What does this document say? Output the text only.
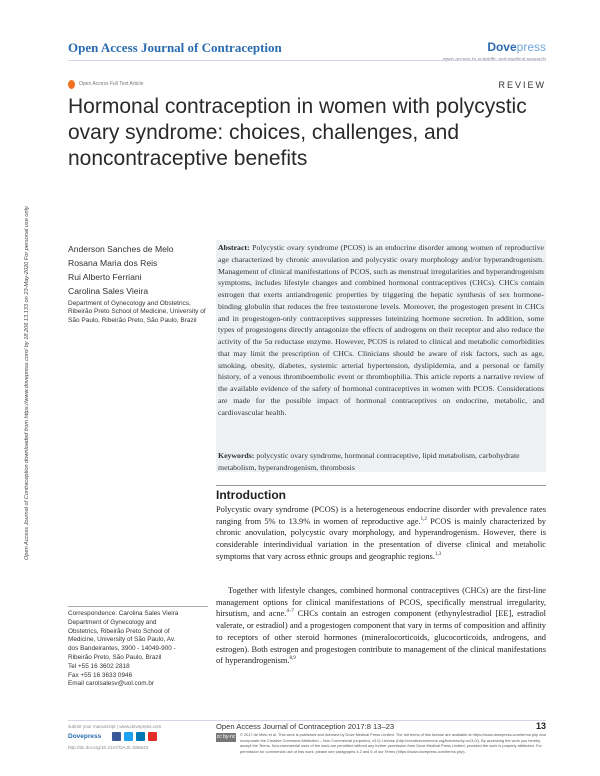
Open Access Journal of Contraception	Dovepress
open access to scientific and medical research
Open Access Full Text Article	REVIEW
Hormonal contraception in women with polycystic ovary syndrome: choices, challenges, and noncontraceptive benefits
Open Access Journal of Contraception downloaded from https://www.dovepress.com/ by 18.206.13.133 on 23-May-2020 For personal use only.	Anderson Sanches de Melo
Rosana Maria dos Reis
Rui Alberto Ferriani
Carolina Sales Vieira
Department of Gynecology and Obstetrics, Ribeirão Preto School of Medicine, University of São Paulo, Ribeirão Preto, São Paulo, Brazil
Abstract: Polycystic ovary syndrome (PCOS) is an endocrine disorder among women of reproductive age characterized by chronic anovulation and polycystic ovary morphology and/or hyperandrogenism. Management of clinical manifestations of PCOS, such as menstrual irregularities and hyperandrogenism symptoms, includes lifestyle changes and combined hormonal contraceptives (CHCs). CHCs contain estrogen that exerts antiandrogenic properties by triggering the hepatic synthesis of sex hormone-binding globulin that reduces the free testosterone levels. Moreover, the progestogen present in CHCs and in progestogen-only contraceptives suppresses luteinizing hormone secretion. In addition, some types of progestogens directly antagonize the effects of androgens on their receptor and also reduce the activity of the 5α reductase enzyme. However, PCOS is related to clinical and metabolic comorbidities that may limit the prescription of CHCs. Clinicians should be aware of risk factors, such as age, smoking, obesity, diabetes, systemic arterial hypertension, dyslipidemia, and a personal or family history, of a venous thromboembolic event or thrombophilia. This article reports a narrative review of the available evidence of the safety of hormonal contraceptives in women with PCOS. Considerations are made for the possible impact of hormonal contraceptives on endocrine, metabolic, and cardiovascular health.
Keywords: polycystic ovary syndrome, hormonal contraceptive, lipid metabolism, carbohydrate metabolism, hyperandrogenism, thrombosis
Introduction
Polycystic ovary syndrome (PCOS) is a heterogeneous endocrine disorder with prevalence rates ranging from 5% to 13.9% in women of reproductive age.$^{1,2}$ PCOS is mainly characterized by chronic anovulation, polycystic ovary morphology, and hyperandrogenism. However, there is considerable interindividual variation in the presentation of diverse clinical and metabolic symptoms that vary across ethnic groups and geographic regions.$^{1,3}$
Together with lifestyle changes, combined hormonal contraceptives (CHCs) are the first-line management options for clinical manifestations of PCOS, specifically menstrual irregularity, hirsutism, and acne.$^{4-7}$ CHCs contain an estrogen component (ethynylestradiol [EE], estradiol valerate, or estradiol) and a progestogen component that vary in terms of composition and affinity to receptors of other steroid hormones (mineralocorticoids, glucocorticoids, androgens, and estrogen). Both estrogen and progestogen contribute to management of the clinical manifestations of hyperandrogenism.$^{8,9}$
Correspondence: Carolina Sales Vieira
Department of Gynecology and
Obstetrics, Ribeirão Preto School of
Medicine, University of São Paulo, Av.
dos Bandeirantes, 3900 - 14049-900 -
Ribeirão Preto, São Paulo, Brazil
Tel +55 16 3602 2818
Fax +55 16 3633 0946
Email carolsalesv@uol.com.br
submit your manuscript | www.dovepress.com
Dovepress
http://dx.doi.org/10.2147/OAJC.S85543
Open Access Journal of Contraception 2017:8 13–23	13
cc by-nc © 2017 de Melo et al. This work is published and licensed by Dove Medical Press Limited. The full terms of this license are available at https://www.dovepress.com/terms.php and incorporate the Creative Commons Attribution – Non Commercial (unported, v3.0) License (http://creativecommons.org/licenses/by-nc/3.0/). By accessing the work you hereby accept the Terms. Non-commercial uses of the work are permitted without any further permission from Dove Medical Press Limited, provided the work is properly attributed. For permission for commercial use of this work, please see paragraphs 4.2 and 5 of our Terms (https://www.dovepress.com/terms.php).
